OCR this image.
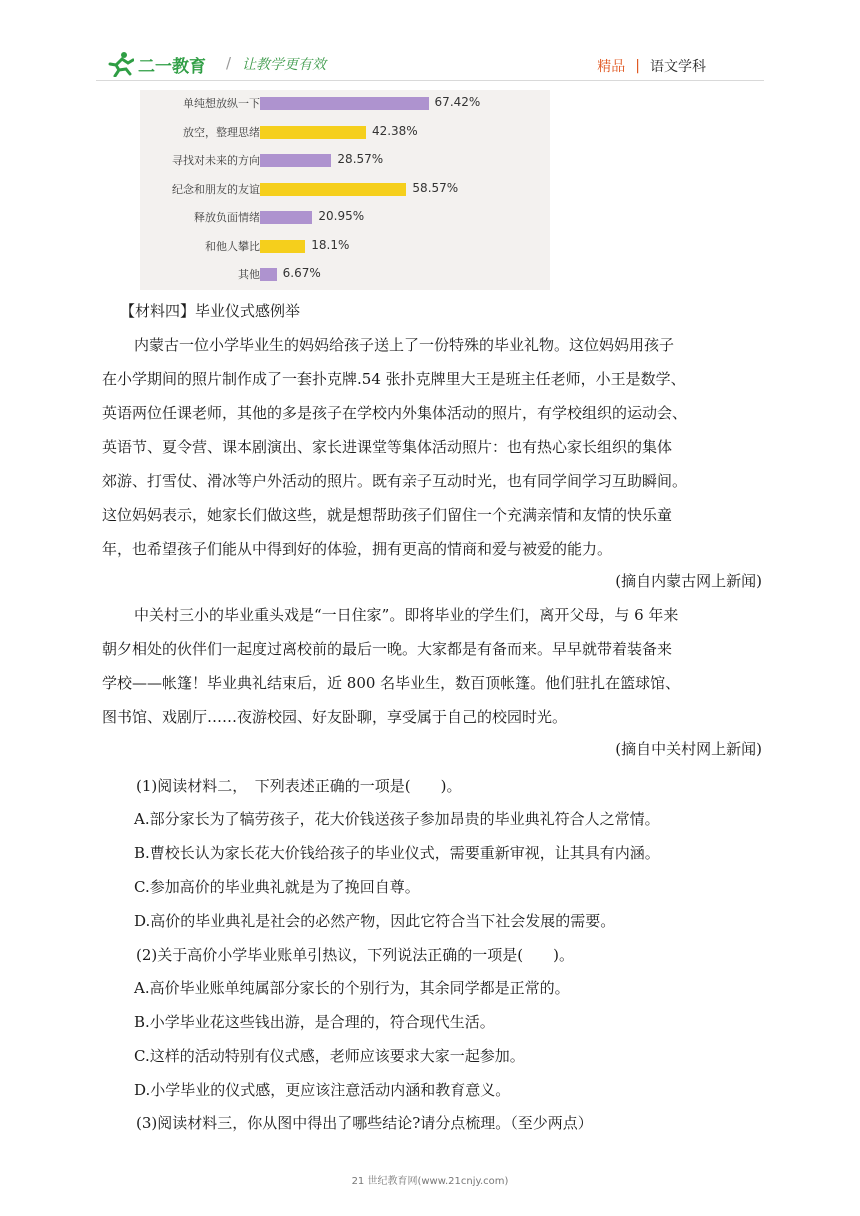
二一教育 / 让教学更有效	精品 | 语文学科
单纯想放纵一下	67.42%
放空，整理思绪	42.38%
寻找对未来的方向	28.57%
纪念和朋友的友谊	58.57%
释放负面情绪	20.95%
和他人攀比	18.1%
其他 6.67%
【材料四】毕业仪式感例举
内蒙古一位小学毕业生的妈妈给孩子送上了一份特殊的毕业礼物。这位妈妈用孩子
在小学期间的照片制作成了一套扑克牌.54 张扑克牌里大王是班主任老师，小王是数学、
英语两位任课老师，其他的多是孩子在学校内外集体活动的照片，有学校组织的运动会、
英语节、夏令营、课本剧演出、家长进课堂等集体活动照片：也有热心家长组织的集体
郊游、打雪仗、滑冰等户外活动的照片。既有亲子互动时光，也有同学间学习互助瞬间。
这位妈妈表示，她家长们做这些，就是想帮助孩子们留住一个充满亲情和友情的快乐童
年，也希望孩子们能从中得到好的体验，拥有更高的情商和爱与被爱的能力。
(摘自内蒙古网上新闻)
中关村三小的毕业重头戏是“一日住家”。即将毕业的学生们，离开父母，与 6 年来
朝夕相处的伙伴们一起度过离校前的最后一晚。大家都是有备而来。早早就带着装备来
学校——帐篷！毕业典礼结束后，近 800 名毕业生，数百顶帐篷。他们驻扎在篮球馆、
图书馆、戏剧厅……夜游校园、好友卧聊，享受属于自己的校园时光。
(摘自中关村网上新闻)
(1)阅读材料二，　下列表述正确的一项是(　　)。
A.部分家长为了犒劳孩子，花大价钱送孩子参加昂贵的毕业典礼符合人之常情。
B.曹校长认为家长花大价钱给孩子的毕业仪式，需要重新审视，让其具有内涵。
C.参加高价的毕业典礼就是为了挽回自尊。
D.高价的毕业典礼是社会的必然产物，因此它符合当下社会发展的需要。
(2)关于高价小学毕业账单引热议，下列说法正确的一项是(　　)。
A.高价毕业账单纯属部分家长的个别行为，其余同学都是正常的。
B.小学毕业花这些钱出游，是合理的，符合现代生活。
C.这样的活动特别有仪式感，老师应该要求大家一起参加。
D.小学毕业的仪式感，更应该注意活动内涵和教育意义。
(3)阅读材料三，你从图中得出了哪些结论?请分点梳理。（至少两点）
21 世纪教育网(www.21cnjy.com)
